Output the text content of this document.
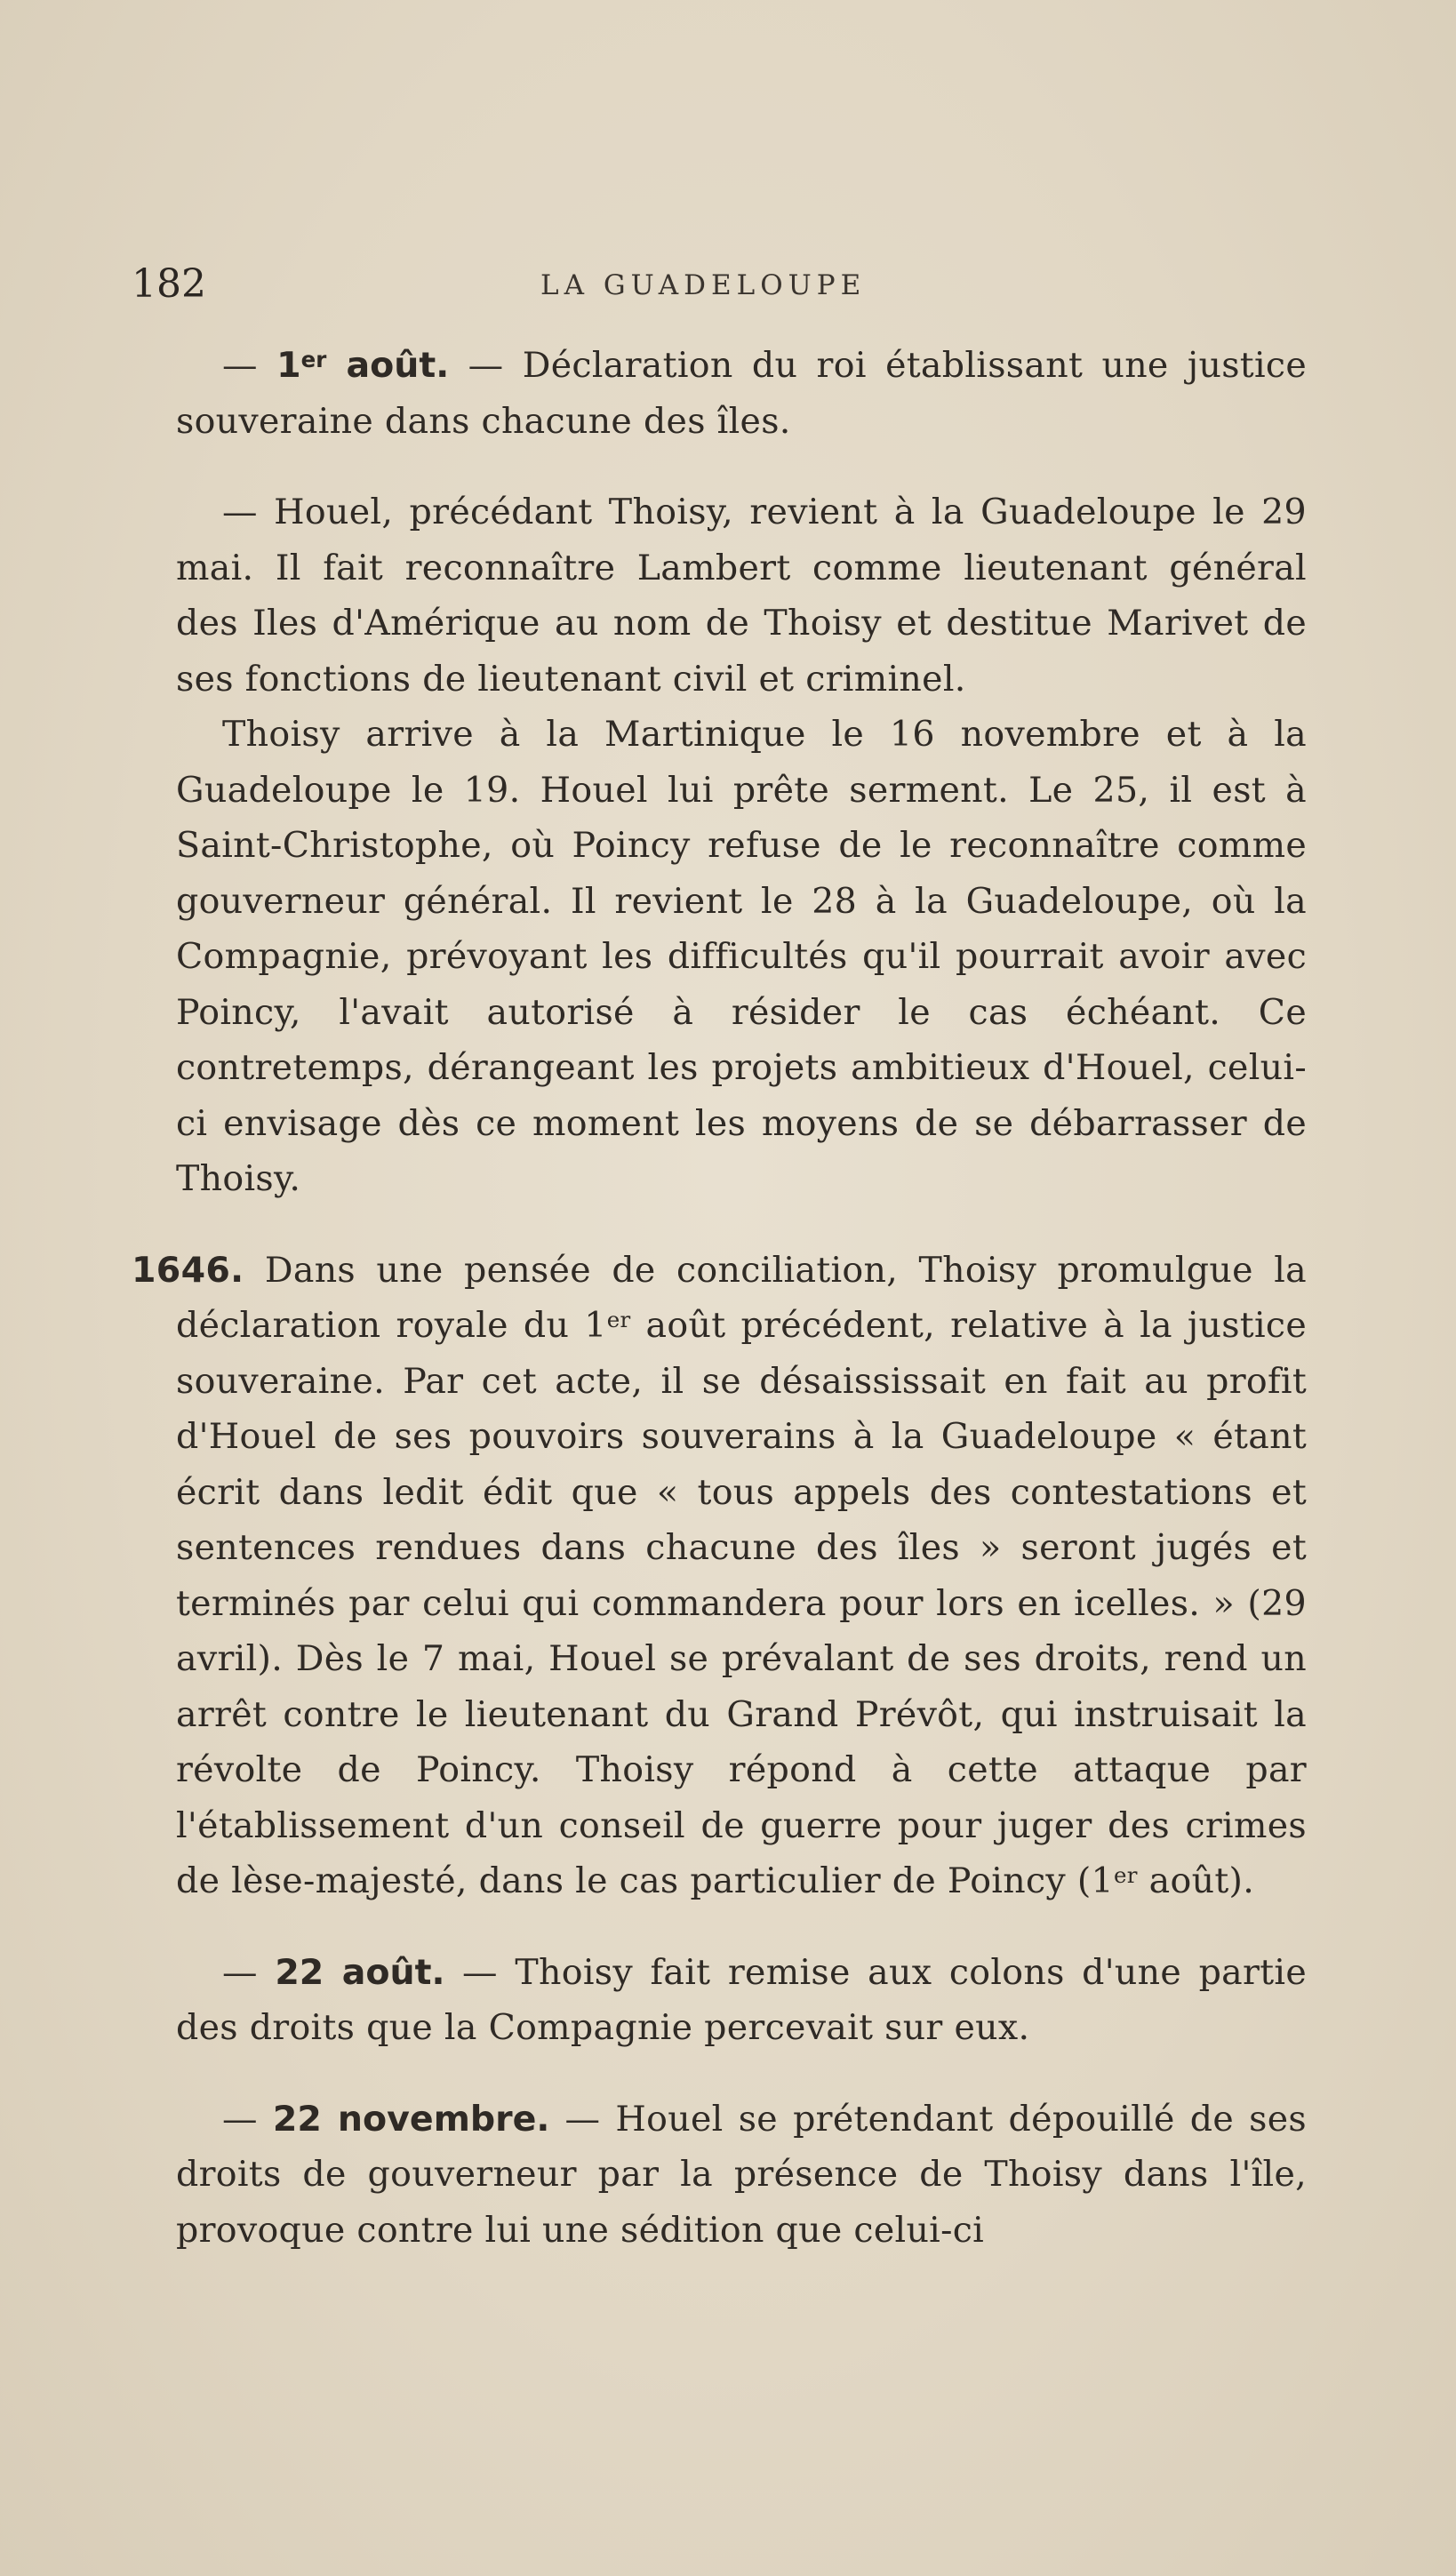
182	LA GUADELOUPE

— 1er août. — Déclaration du roi établissant une justice souveraine dans chacune des îles.

— Houel, précédant Thoisy, revient à la Guadeloupe le 29 mai. Il fait reconnaître Lambert comme lieutenant général des Iles d'Amérique au nom de Thoisy et destitue Marivet de ses fonctions de lieutenant civil et criminel.

Thoisy arrive à la Martinique le 16 novembre et à la Guadeloupe le 19. Houel lui prête serment. Le 25, il est à Saint-Christophe, où Poincy refuse de le reconnaître comme gouverneur général. Il revient le 28 à la Guadeloupe, où la Compagnie, prévoyant les difficultés qu'il pourrait avoir avec Poincy, l'avait autorisé à résider le cas échéant. Ce contretemps, dérangeant les projets ambitieux d'Houel, celui-ci envisage dès ce moment les moyens de se débarrasser de Thoisy.

1646. Dans une pensée de conciliation, Thoisy promulgue la déclaration royale du 1er août précédent, relative à la justice souveraine. Par cet acte, il se désaississait en fait au profit d'Houel de ses pouvoirs souverains à la Guadeloupe « étant écrit dans ledit édit que « tous appels des contestations et sentences rendues dans chacune des îles » seront jugés et terminés par celui qui commandera pour lors en icelles. » (29 avril). Dès le 7 mai, Houel se prévalant de ses droits, rend un arrêt contre le lieutenant du Grand Prévôt, qui instruisait la révolte de Poincy. Thoisy répond à cette attaque par l'établissement d'un conseil de guerre pour juger des crimes de lèse-majesté, dans le cas particulier de Poincy (1er août).

— 22 août. — Thoisy fait remise aux colons d'une partie des droits que la Compagnie percevait sur eux.

— 22 novembre. — Houel se prétendant dépouillé de ses droits de gouverneur par la présence de Thoisy dans l'île, provoque contre lui une sédition que celui-ci
